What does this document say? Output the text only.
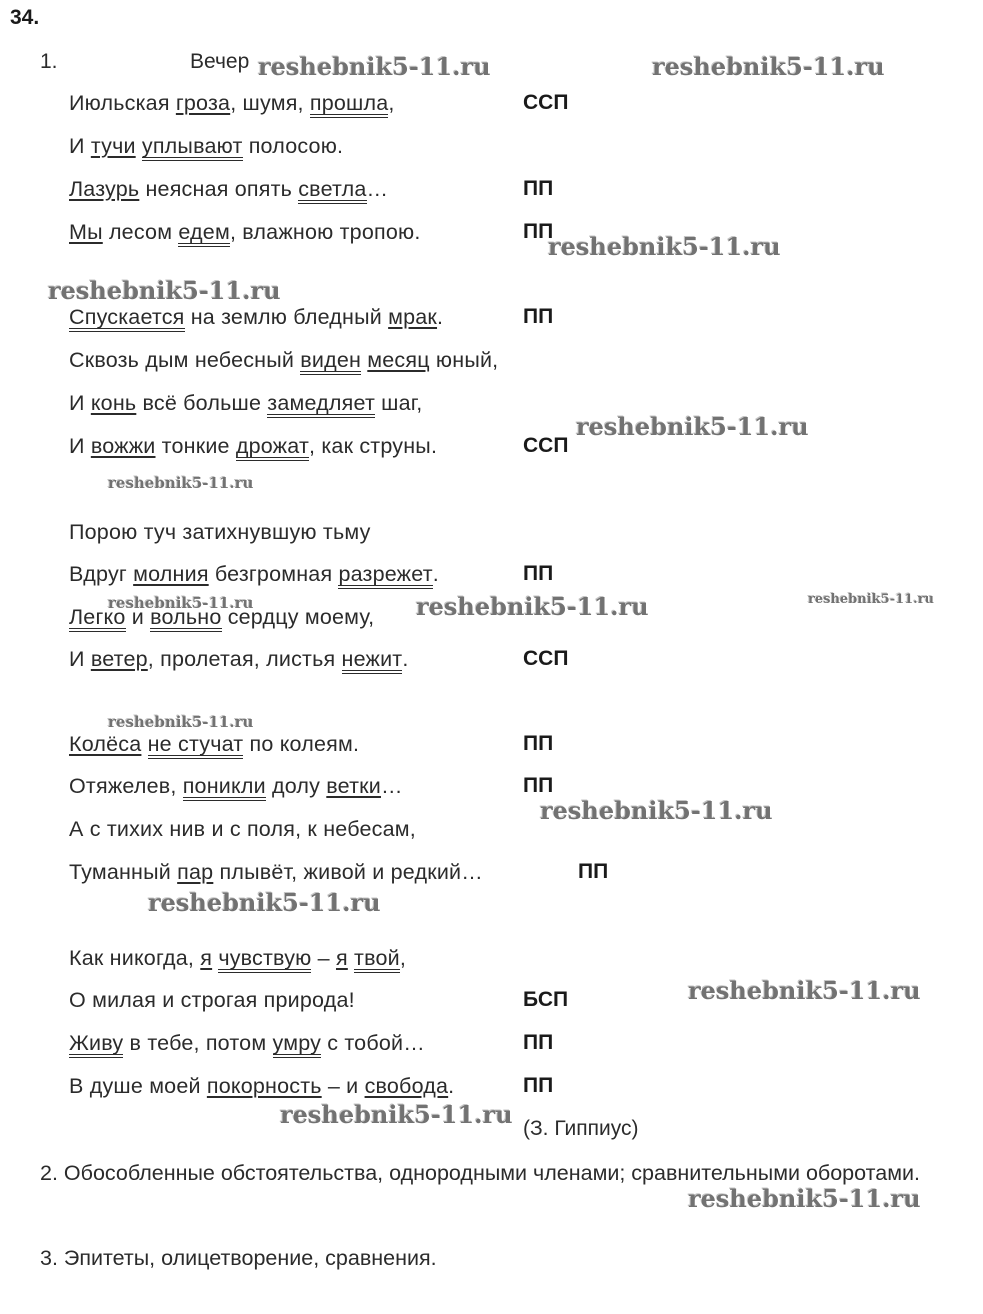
34.
1.	Вечер
Июльская гроза, шумя, прошла,	ССП
И тучи уплывают полосою.
Лазурь неясная опять светла…	ПП
Мы лесом едем, влажною тропою.	ПП
Спускается на землю бледный мрак.	ПП
Сквозь дым небесный виден месяц юный,
И конь всё больше замедляет шаг,
И вожжи тонкие дрожат, как струны.	ССП
Порою туч затихнувшую тьму
Вдруг молния безгромная разрежет.	ПП
Легко и вольно сердцу моему,
И ветер, пролетая, листья нежит.	ССП
Колёса не стучат по колеям.	ПП
Отяжелев, поникли долу ветки…	ПП
А с тихих нив и с поля, к небесам,
Туманный пар плывёт, живой и редкий…	ПП
Как никогда, я чувствую – я твой,
О милая и строгая природа!	БСП
Живу в тебе, потом умру с тобой…	ПП
В душе моей покорность – и свобода.	ПП
(З. Гиппиус)
2. Обособленные обстоятельства, однородными членами; сравнительными оборотами.
3. Эпитеты, олицетворение, сравнения.
reshebnik5-11.ru	reshebnik5-11.ru
reshebnik5-11.ru
reshebnik5-11.ru
reshebnik5-11.ru
reshebnik5-11.ru
reshebnik5-11.ru	reshebnik5-11.ru	reshebnik5-11.ru
reshebnik5-11.ru
reshebnik5-11.ru
reshebnik5-11.ru
reshebnik5-11.ru
reshebnik5-11.ru
reshebnik5-11.ru
